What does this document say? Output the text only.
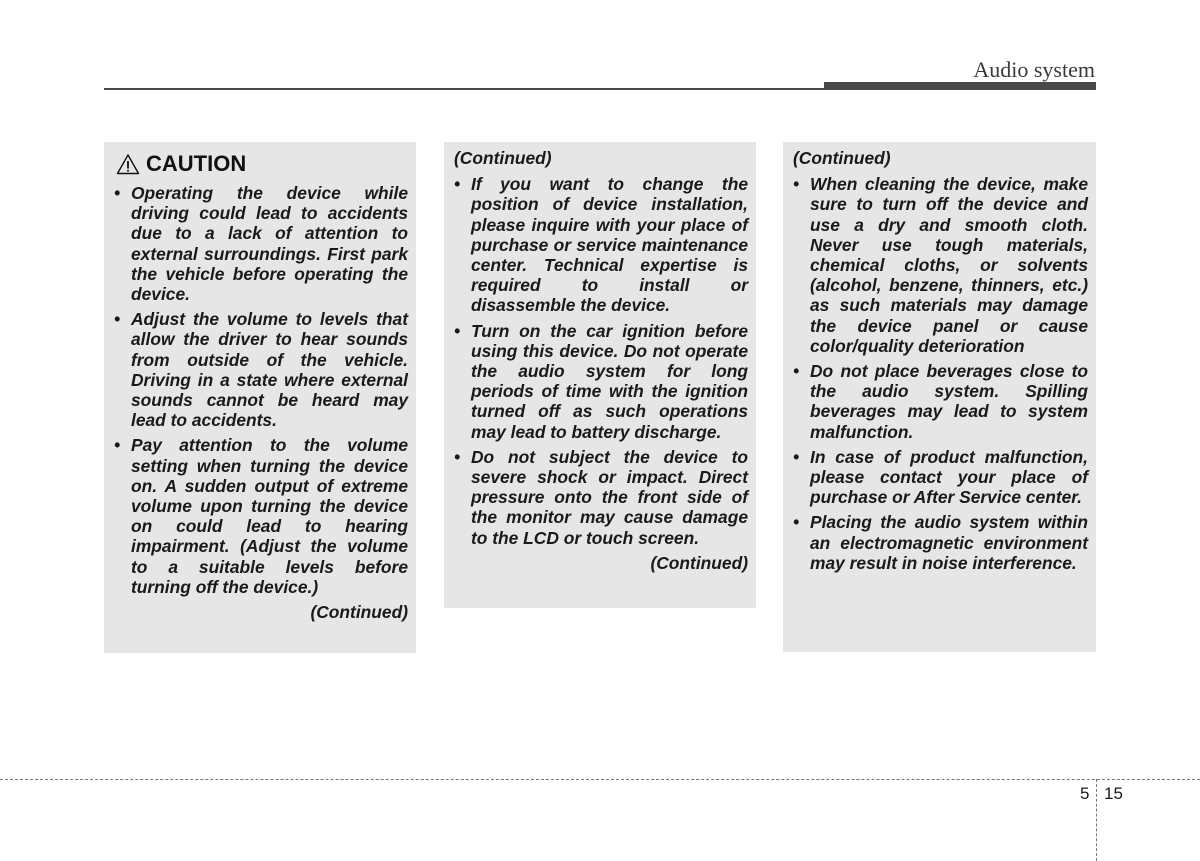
Audio system
CAUTION
• Operating the device while driving could lead to accidents due to a lack of attention to external surroundings. First park the vehicle before operating the device.
• Adjust the volume to levels that allow the driver to hear sounds from outside of the vehicle. Driving in a state where external sounds cannot be heard may lead to accidents.
• Pay attention to the volume setting when turning the device on. A sudden output of extreme volume upon turning the device on could lead to hearing impairment. (Adjust the volume to a suitable levels before turning off the device.)
(Continued)
(Continued)
• If you want to change the position of device installation, please inquire with your place of purchase or service maintenance center. Technical expertise is required to install or disassemble the device.
• Turn on the car ignition before using this device. Do not operate the audio system for long periods of time with the ignition turned off as such operations may lead to battery discharge.
• Do not subject the device to severe shock or impact. Direct pressure onto the front side of the monitor may cause damage to the LCD or touch screen.
(Continued)
(Continued)
• When cleaning the device, make sure to turn off the device and use a dry and smooth cloth. Never use tough materials, chemical cloths, or solvents (alcohol, benzene, thinners, etc.) as such materials may damage the device panel or cause color/quality deterioration
• Do not place beverages close to the audio system. Spilling beverages may lead to system malfunction.
• In case of product malfunction, please contact your place of purchase or After Service center.
• Placing the audio system within an electromagnetic environment may result in noise interference.
5 15
